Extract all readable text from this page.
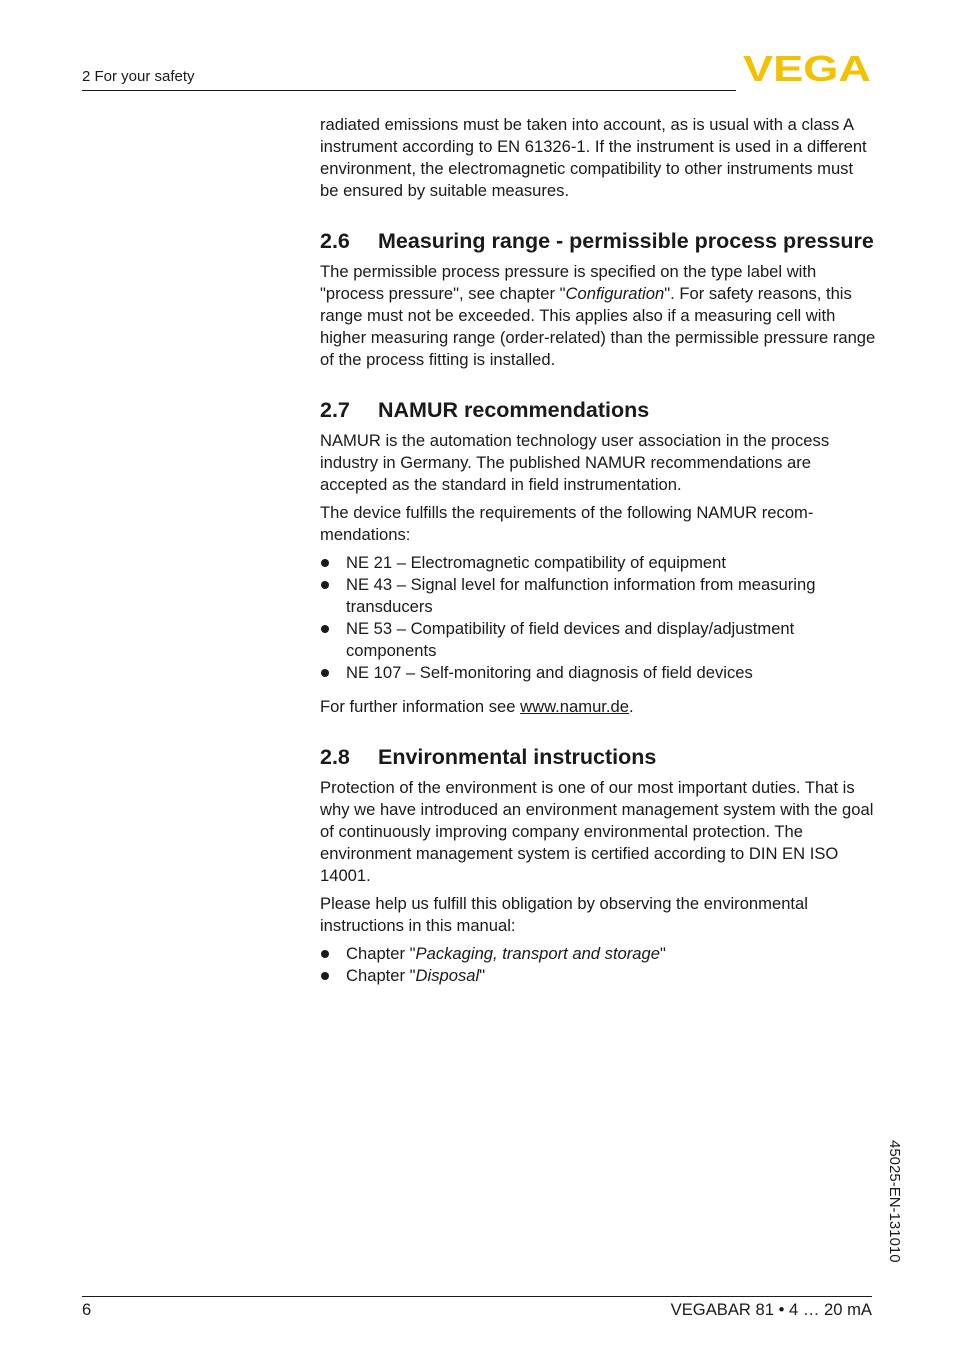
2 For your safety	VEGA

radiated emissions must be taken into account, as is usual with a class A instrument according to EN 61326-1. If the instrument is used in a different environment, the electromagnetic compatibility to other instruments must be ensured by suitable measures.

2.6	Measuring range - permissible process pressure

The permissible process pressure is specified on the type label with "process pressure", see chapter "Configuration". For safety reasons, this range must not be exceeded. This applies also if a measuring cell with higher measuring range (order-related) than the permissible pressure range of the process fitting is installed.

2.7	NAMUR recommendations

NAMUR is the automation technology user association in the process industry in Germany. The published NAMUR recommendations are accepted as the standard in field instrumentation.

The device fulfills the requirements of the following NAMUR recommendations:

NE 21 – Electromagnetic compatibility of equipment
NE 43 – Signal level for malfunction information from measuring transducers
NE 53 – Compatibility of field devices and display/adjustment components
NE 107 – Self-monitoring and diagnosis of field devices

For further information see www.namur.de.

2.8	Environmental instructions

Protection of the environment is one of our most important duties. That is why we have introduced an environment management system with the goal of continuously improving company environmental protection. The environment management system is certified according to DIN EN ISO 14001.

Please help us fulfill this obligation by observing the environmental instructions in this manual:

Chapter "Packaging, transport and storage"
Chapter "Disposal"
45025-EN-131010
6	VEGABAR 81 • 4 … 20 mA
